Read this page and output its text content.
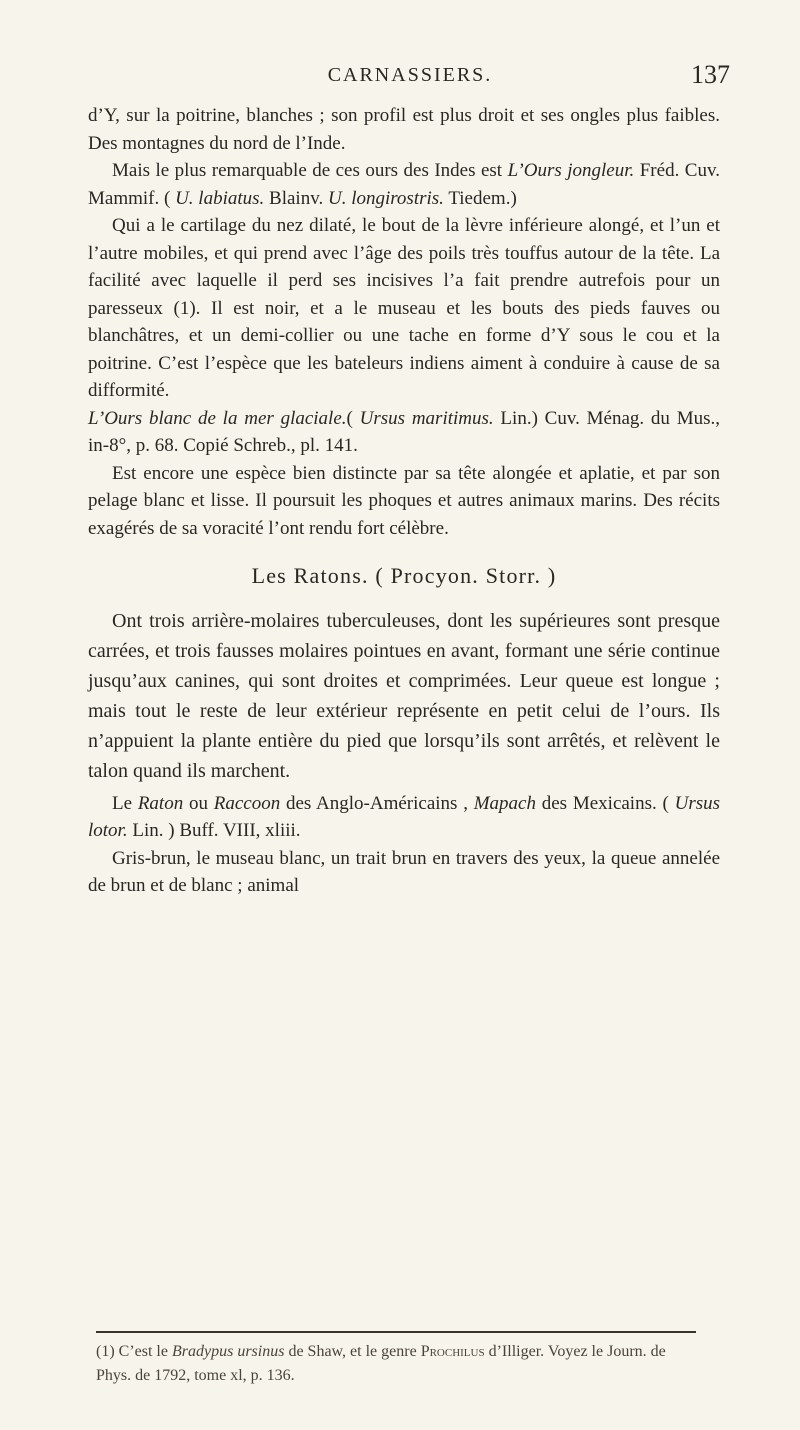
CARNASSIERS.	137

d’Y, sur la poitrine, blanches ; son profil est plus droit et ses ongles plus faibles. Des montagnes du nord de l’Inde.

Mais le plus remarquable de ces ours des Indes est L’Ours jongleur. Fréd. Cuv. Mammif. ( U. labiatus. Blainv. U. longirostris. Tiedem.)

Qui a le cartilage du nez dilaté, le bout de la lèvre inférieure alongé, et l’un et l’autre mobiles, et qui prend avec l’âge des poils très touffus autour de la tête. La facilité avec laquelle il perd ses incisives l’a fait prendre autrefois pour un paresseux (1). Il est noir, et a le museau et les bouts des pieds fauves ou blanchâtres, et un demi-collier ou une tache en forme d’Y sous le cou et la poitrine. C’est l’espèce que les bateleurs indiens aiment à conduire à cause de sa difformité.

L’Ours blanc de la mer glaciale.( Ursus maritimus. Lin.) Cuv. Ménag. du Mus., in-8°, p. 68. Copié Schreb., pl. 141.

Est encore une espèce bien distincte par sa tête alongée et aplatie, et par son pelage blanc et lisse. Il poursuit les phoques et autres animaux marins. Des récits exagérés de sa voracité l’ont rendu fort célèbre.

Les Ratons. ( Procyon. Storr. )

Ont trois arrière-molaires tuberculeuses, dont les supérieures sont presque carrées, et trois fausses molaires pointues en avant, formant une série continue jusqu’aux canines, qui sont droites et comprimées. Leur queue est longue ; mais tout le reste de leur extérieur représente en petit celui de l’ours. Ils n’appuient la plante entière du pied que lorsqu’ils sont arrêtés, et relèvent le talon quand ils marchent.

Le Raton ou Raccoon des Anglo-Américains , Mapach des Mexicains. ( Ursus lotor. Lin. ) Buff. VIII, xliii.

Gris-brun, le museau blanc, un trait brun en travers des yeux, la queue annelée de brun et de blanc ; animal

(1) C’est le Bradypus ursinus de Shaw, et le genre Prochilus d’Illiger. Voyez le Journ. de Phys. de 1792, tome xl, p. 136.
